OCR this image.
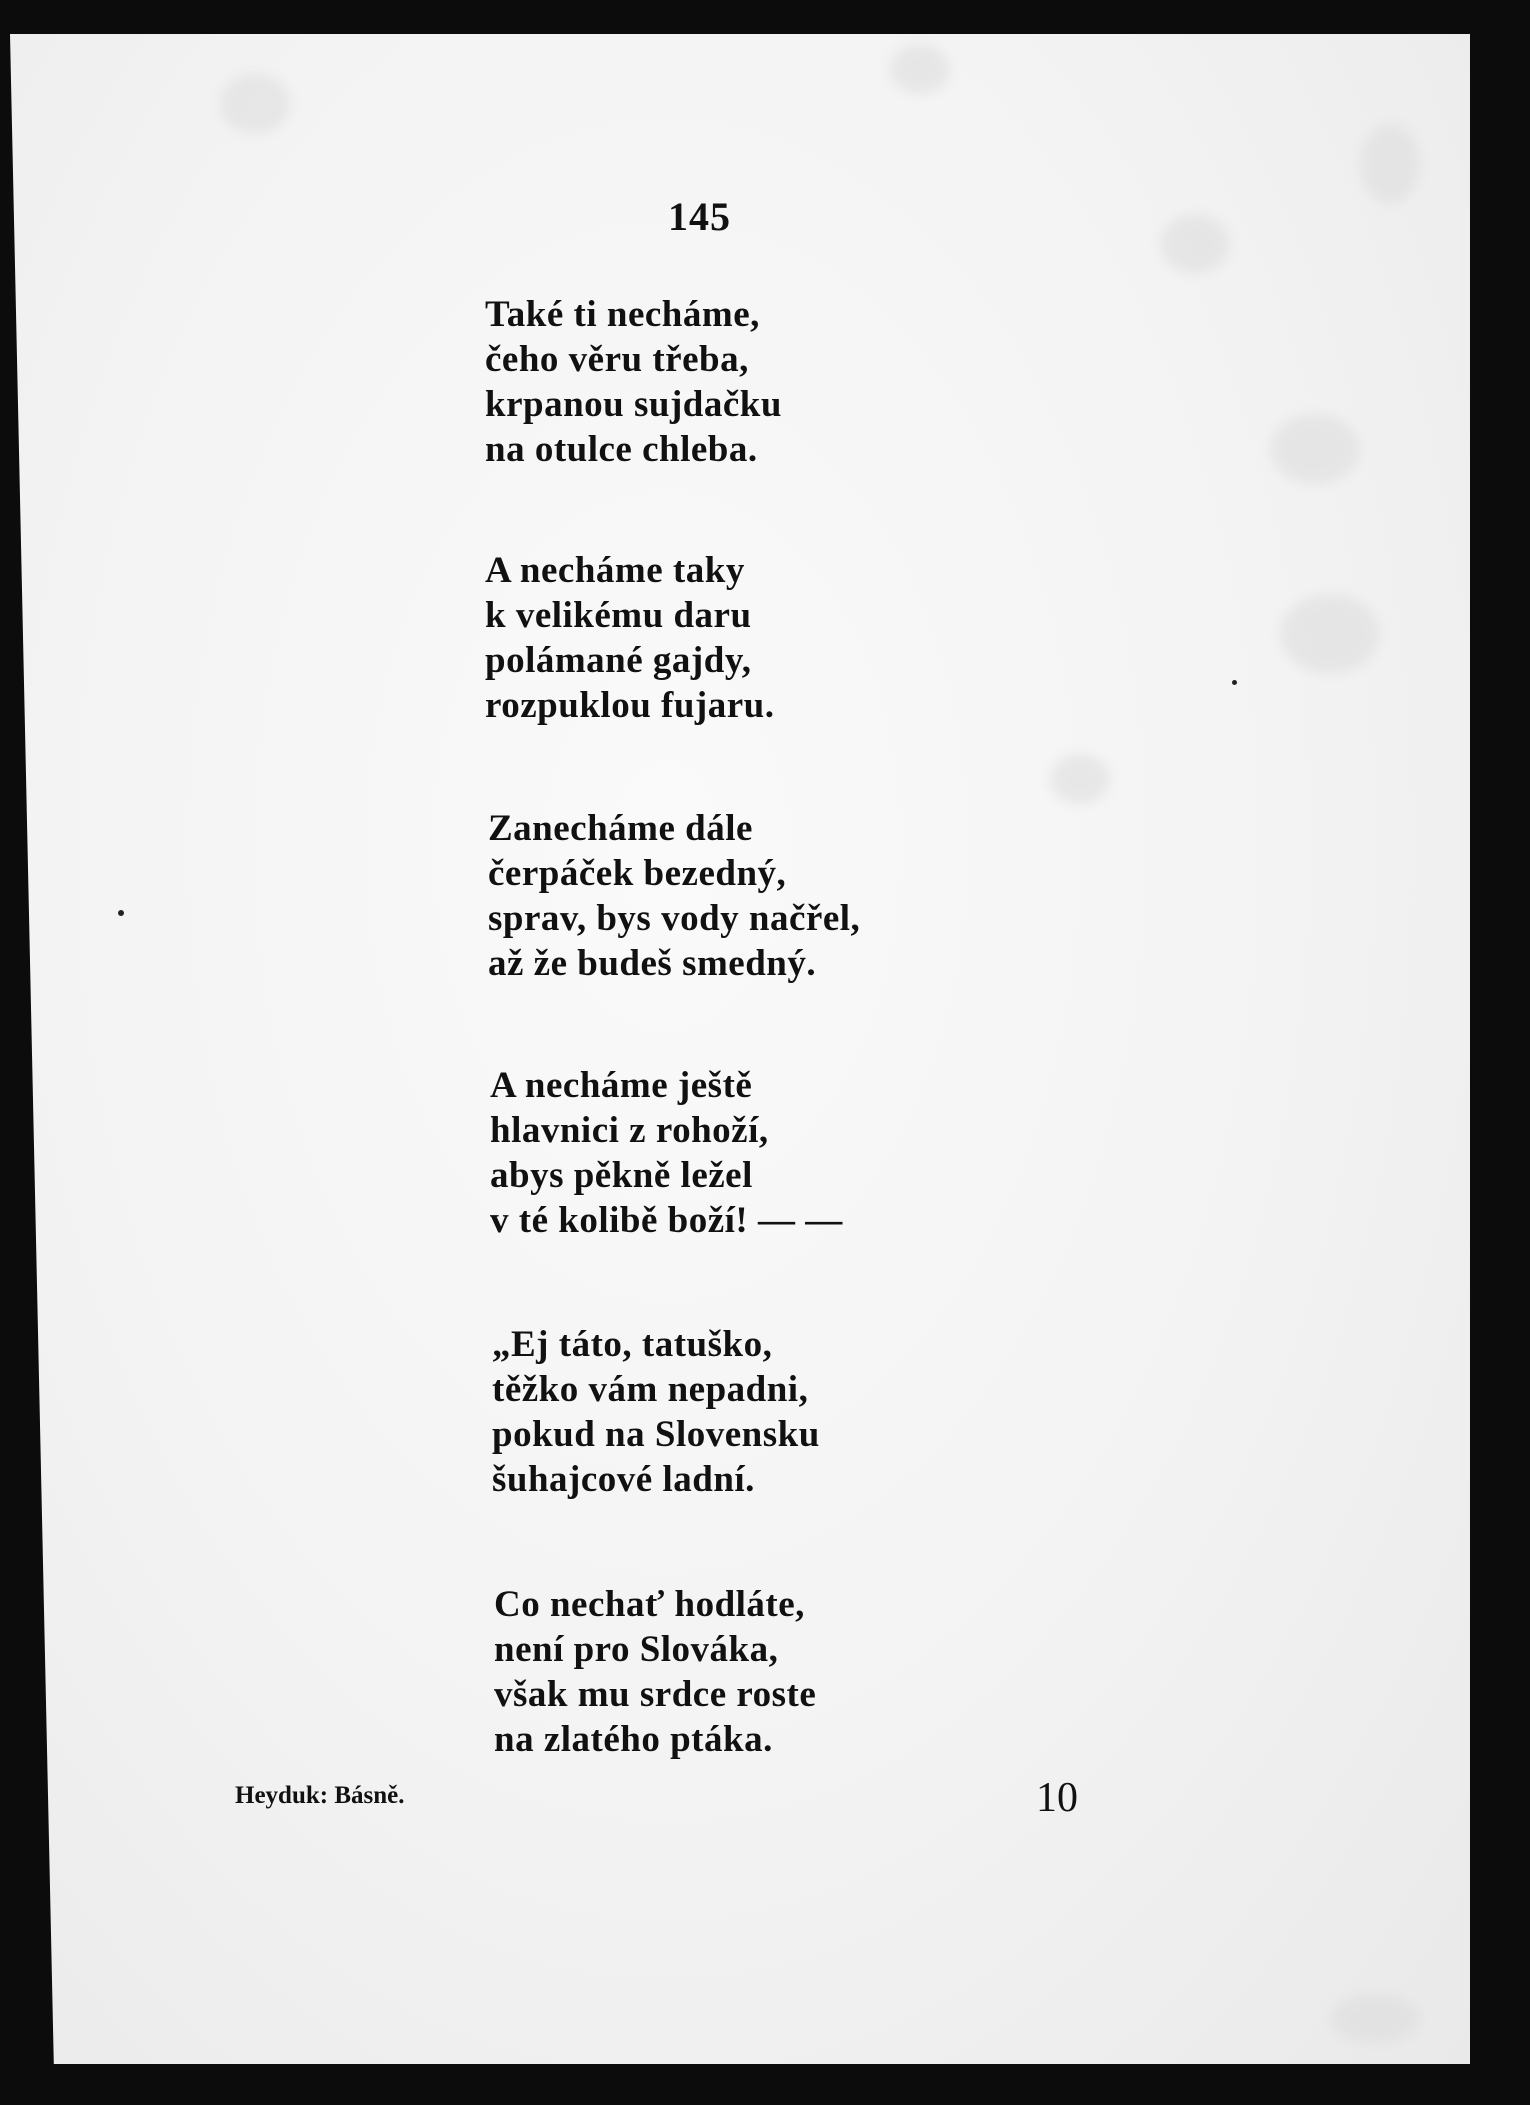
145
Také ti necháme,
čeho věru třeba,
krpanou sujdačku
na otulce chleba.
A necháme taky
k velikému daru
polámané gajdy,
rozpuklou fujaru.
Zanecháme dále
čerpáček bezedný,
sprav, bys vody načřel,
až že budeš smedný.
A necháme ještě
hlavnici z rohoží,
abys pěkně ležel
v té kolibě boží! — —
„Ej táto, tatuško,
těžko vám nepadni,
pokud na Slovensku
šuhajcové ladní.
Co nechať hodláte,
není pro Slováka,
však mu srdce roste
na zlatého ptáka.
Heyduk: Básně.	10
